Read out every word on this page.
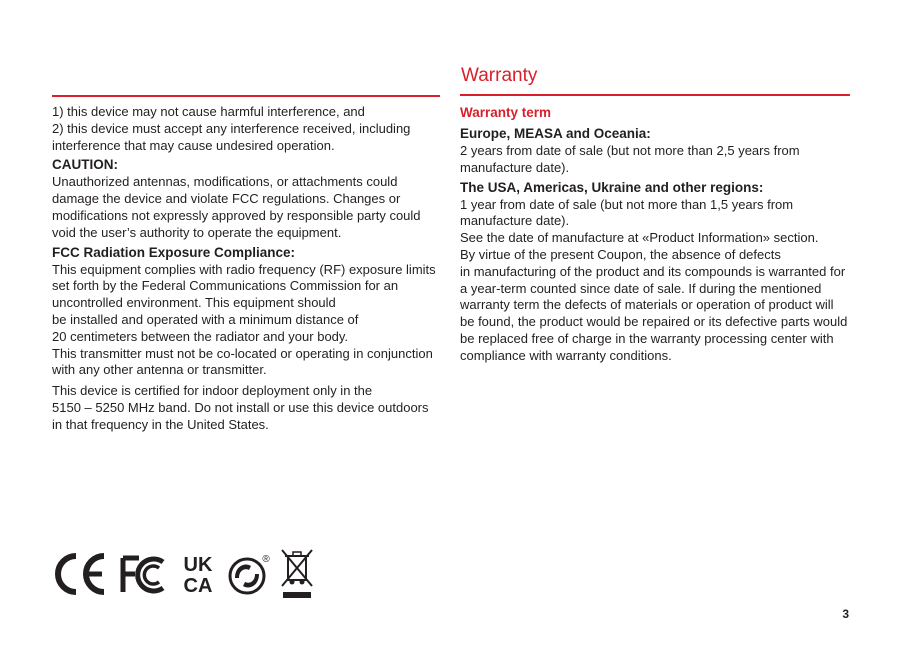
1) this device may not cause harmful interference, and
2) this device must accept any interference received, including interference that may cause undesired operation.

CAUTION:

Unauthorized antennas, modifications, or attachments could damage the device and violate FCC regulations. Changes or modifications not expressly approved by responsible party could void the user’s authority to operate the equipment.

FCC Radiation Exposure Compliance:

This equipment complies with radio frequency (RF) exposure limits set forth by the Federal Communications Commission for an uncontrolled environment. This equipment should
be installed and operated with a minimum distance of
20 centimeters between the radiator and your body.
This transmitter must not be co-located or operating in conjunction with any other antenna or transmitter.

This device is certified for indoor deployment only in the
5150 – 5250 MHz band. Do not install or use this device outdoors in that frequency in the United States.

Warranty
Warranty term
Europe, MEASA and Oceania:

2 years from date of sale (but not more than 2,5 years from manufacture date).

The USA, Americas, Ukraine and other regions:

1 year from date of sale (but not more than 1,5 years from manufacture date).
See the date of manufacture at «Product Information» section.
By virtue of the present Coupon, the absence of defects
in manufacturing of the product and its compounds is warranted for a year-term counted since date of sale. If during the mentioned warranty term the defects of materials or operation of product will be found, the product would be repaired or its defective parts would be replaced free of charge in the warranty processing center with compliance with warranty conditions.

UK
CA
®
3
